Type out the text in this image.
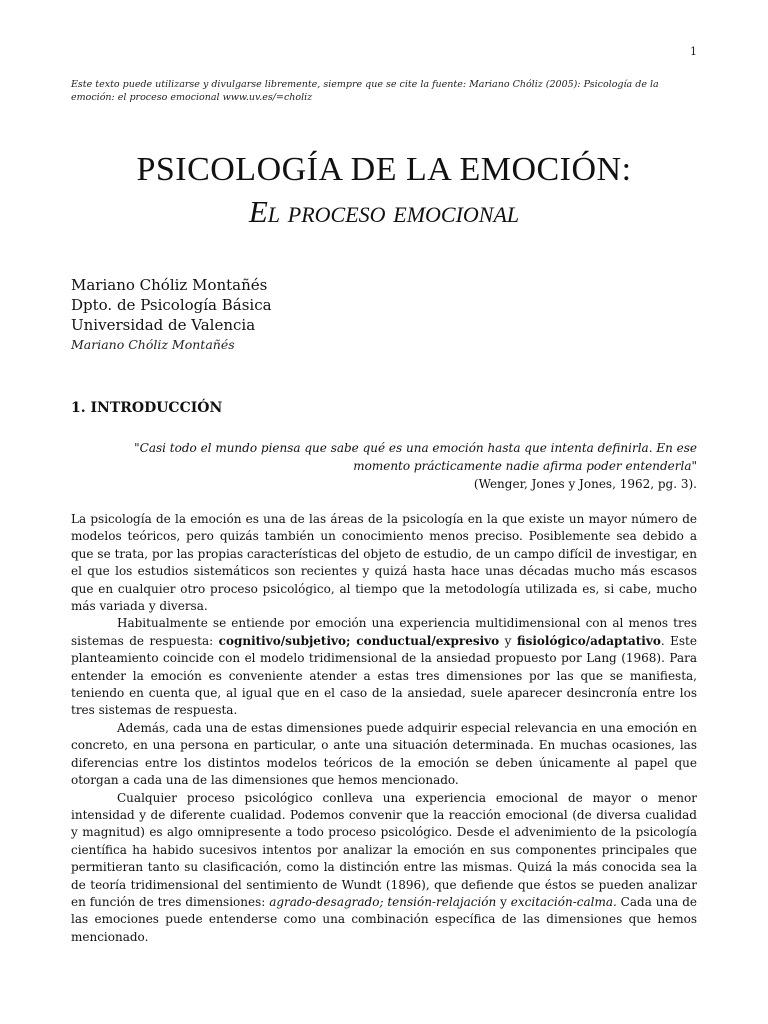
1
Este texto puede utilizarse y divulgarse libremente, siempre que se cite la fuente: Mariano Chóliz (2005): Psicología de la emoción: el proceso emocional www.uv.es/=choliz
PSICOLOGÍA DE LA EMOCIÓN:
El proceso emocional
Mariano Chóliz Montañés
Dpto. de Psicología Básica
Universidad de Valencia
Mariano Chóliz Montañés
1. INTRODUCCIÓN
"Casi todo el mundo piensa que sabe qué es una emoción hasta que intenta definirla. En ese momento prácticamente nadie afirma poder entenderla"
(Wenger, Jones y Jones, 1962, pg. 3).

La psicología de la emoción es una de las áreas de la psicología en la que existe un mayor número de modelos teóricos, pero quizás también un conocimiento menos preciso. Posiblemente sea debido a que se trata, por las propias características del objeto de estudio, de un campo difícil de investigar, en el que los estudios sistemáticos son recientes y quizá hasta hace unas décadas mucho más escasos que en cualquier otro proceso psicológico, al tiempo que la metodología utilizada es, si cabe, mucho más variada y diversa.

Habitualmente se entiende por emoción una experiencia multidimensional con al menos tres sistemas de respuesta: cognitivo/subjetivo; conductual/expresivo y fisiológico/adaptativo. Este planteamiento coincide con el modelo tridimensional de la ansiedad propuesto por Lang (1968). Para entender la emoción es conveniente atender a estas tres dimensiones por las que se manifiesta, teniendo en cuenta que, al igual que en el caso de la ansiedad, suele aparecer desincronía entre los tres sistemas de respuesta.

Además, cada una de estas dimensiones puede adquirir especial relevancia en una emoción en concreto, en una persona en particular, o ante una situación determinada. En muchas ocasiones, las diferencias entre los distintos modelos teóricos de la emoción se deben únicamente al papel que otorgan a cada una de las dimensiones que hemos mencionado.

Cualquier proceso psicológico conlleva una experiencia emocional de mayor o menor intensidad y de diferente cualidad. Podemos convenir que la reacción emocional (de diversa cualidad y magnitud) es algo omnipresente a todo proceso psicológico. Desde el advenimiento de la psicología científica ha habido sucesivos intentos por analizar la emoción en sus componentes principales que permitieran tanto su clasificación, como la distinción entre las mismas. Quizá la más conocida sea la de teoría tridimensional del sentimiento de Wundt (1896), que defiende que éstos se pueden analizar en función de tres dimensiones: agrado-desagrado; tensión-relajación y excitación-calma. Cada una de las emociones puede entenderse como una combinación específica de las dimensiones que hemos mencionado.
